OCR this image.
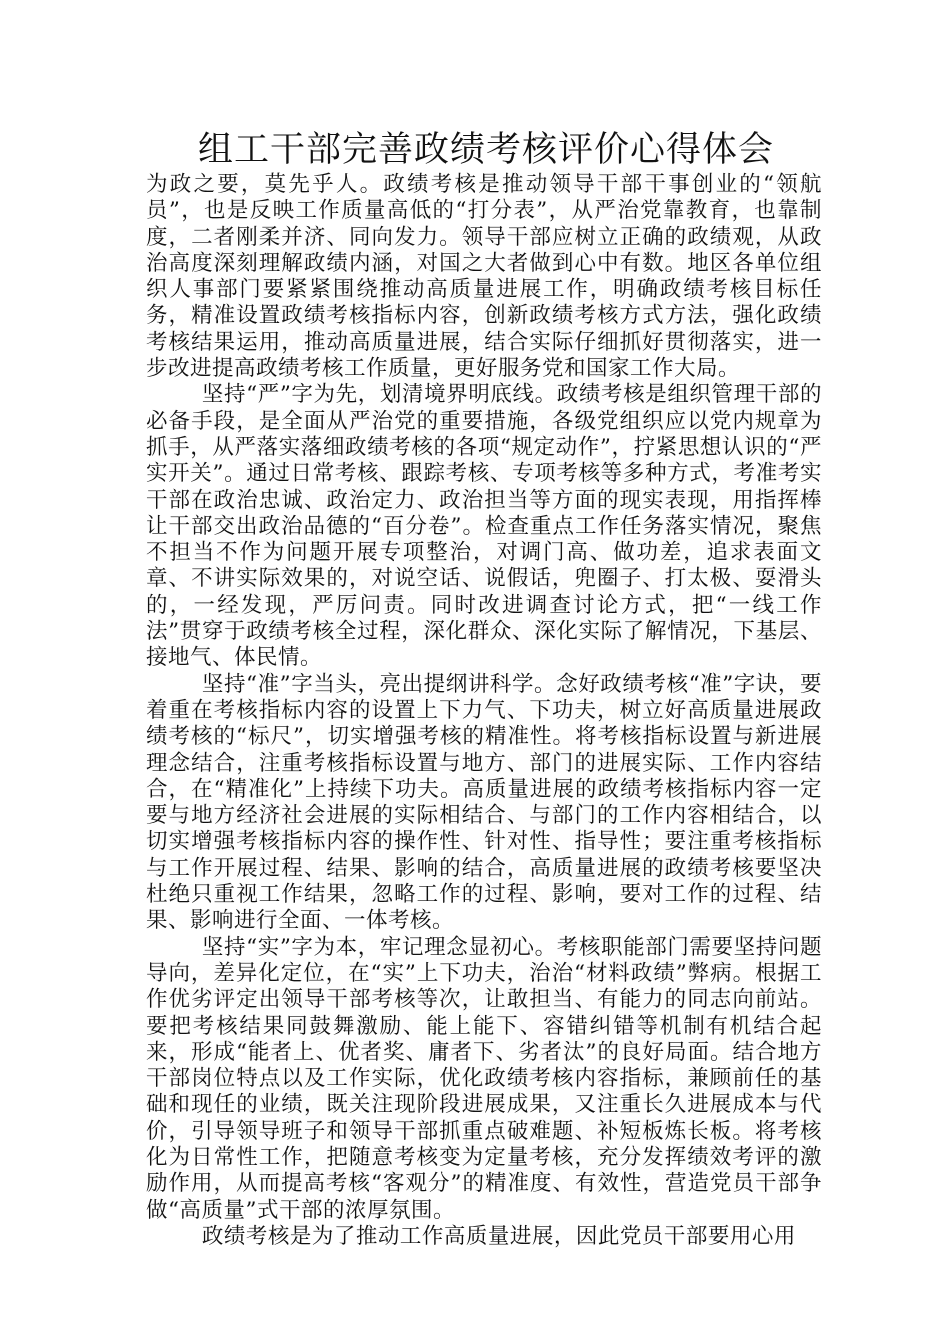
组工干部完善政绩考核评价心得体会

为政之要，莫先乎人。政绩考核是推动领导干部干事创业的“领航员”，也是反映工作质量高低的“打分表”，从严治党靠教育，也靠制度，二者刚柔并济、同向发力。领导干部应树立正确的政绩观，从政治高度深刻理解政绩内涵，对国之大者做到心中有数。地区各单位组织人事部门要紧紧围绕推动高质量进展工作，明确政绩考核目标任务，精准设置政绩考核指标内容，创新政绩考核方式方法，强化政绩考核结果运用，推动高质量进展，结合实际仔细抓好贯彻落实，进一步改进提高政绩考核工作质量，更好服务党和国家工作大局。

坚持“严”字为先，划清境界明底线。政绩考核是组织管理干部的必备手段，是全面从严治党的重要措施，各级党组织应以党内规章为抓手，从严落实落细政绩考核的各项“规定动作”，拧紧思想认识的“严实开关”。通过日常考核、跟踪考核、专项考核等多种方式，考准考实干部在政治忠诚、政治定力、政治担当等方面的现实表现，用指挥棒让干部交出政治品德的“百分卷”。检查重点工作任务落实情况，聚焦不担当不作为问题开展专项整治，对调门高、做功差，追求表面文章、不讲实际效果的，对说空话、说假话，兜圈子、打太极、耍滑头的，一经发现，严厉问责。同时改进调查讨论方式，把“一线工作法”贯穿于政绩考核全过程，深化群众、深化实际了解情况，下基层、接地气、体民情。

坚持“准”字当头，亮出提纲讲科学。念好政绩考核“准”字诀，要着重在考核指标内容的设置上下力气、下功夫，树立好高质量进展政绩考核的“标尺”，切实增强考核的精准性。将考核指标设置与新进展理念结合，注重考核指标设置与地方、部门的进展实际、工作内容结合，在“精准化”上持续下功夫。高质量进展的政绩考核指标内容一定要与地方经济社会进展的实际相结合、与部门的工作内容相结合，以切实增强考核指标内容的操作性、针对性、指导性；要注重考核指标与工作开展过程、结果、影响的结合，高质量进展的政绩考核要坚决杜绝只重视工作结果，忽略工作的过程、影响，要对工作的过程、结果、影响进行全面、一体考核。

坚持“实”字为本，牢记理念显初心。考核职能部门需要坚持问题导向，差异化定位，在“实”上下功夫，治治“材料政绩”弊病。根据工作优劣评定出领导干部考核等次，让敢担当、有能力的同志向前站。要把考核结果同鼓舞激励、能上能下、容错纠错等机制有机结合起来，形成“能者上、优者奖、庸者下、劣者汰”的良好局面。结合地方干部岗位特点以及工作实际，优化政绩考核内容指标，兼顾前任的基础和现任的业绩，既关注现阶段进展成果，又注重长久进展成本与代价，引导领导班子和领导干部抓重点破难题、补短板炼长板。将考核化为日常性工作，把随意考核变为定量考核，充分发挥绩效考评的激励作用，从而提高考核“客观分”的精准度、有效性，营造党员干部争做“高质量”式干部的浓厚氛围。

政绩考核是为了推动工作高质量进展，因此党员干部要用心用
